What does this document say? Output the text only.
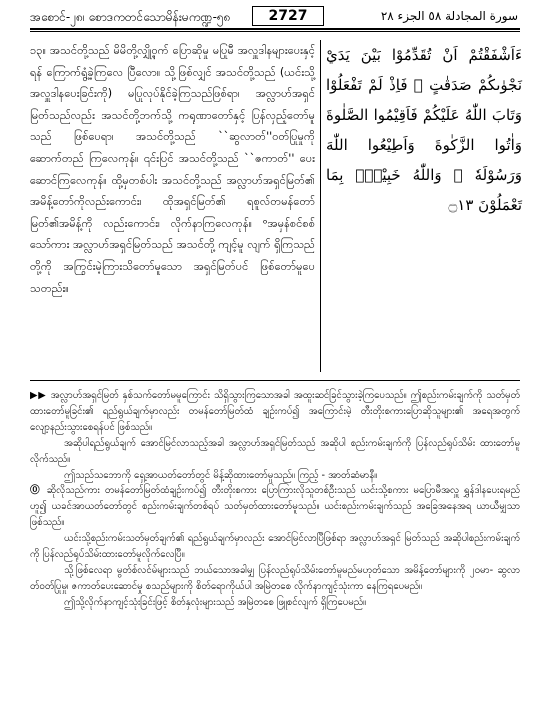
အစောင်-၂၈၊ စောဒကတင်သောမိန်းမကဏ္ဍ-၅၈	2727	سورة المجادلة ٥٨ الجزء ٢٨

၁၃။ အသင်တို့သည် မိမိတို့လျှို့ဝှက် ပြောဆိုမှု မပြုမီ အလှူဒါနများပေးနှင့်ရန် ကြောက်ရွံ့ခဲ့ကြလေ ပြီလော။ သို့ဖြစ်လျှင် အသင်တို့သည် (ယင်းသို့ အလှူဒါနပေးခြင်းကို) မပြုလုပ်နိုင်ခဲ့ကြသည်ဖြစ်ရာ၊ အလ္လာဟ်အရှင်မြတ်သည်လည်း အသင်တို့ဘက်သို့ ကရုဏာတော်နှင့် ပြန်လှည့်တော်မူသည် ဖြစ်ပေရာ၊ အသင်တို့သည် ``ဆွလာတ်''ဝတ်ပြုမှုကို ဆောက်တည် ကြလေကုန်။ ၎င်းပြင် အသင်တို့သည် ``ဇကာတ်'' ပေးဆောင်ကြလေကုန်။ ထို့မှတစ်ပါး အသင်တို့သည် အလ္လာဟ်အရှင်မြတ်၏ အမိန့်တော်ကိုလည်းကောင်း၊ ထိုအရှင်မြတ်၏ ရစူလ်တမန်တော်မြတ်၏အမိန့်ကို လည်းကောင်း၊ လိုက်နာကြလေကုန်။ ᵒအမှန်စင်စစ် သော်ကား အလ္လာဟ်အရှင်မြတ်သည် အသင်တို့ ကျင့်မူ လျက် ရှိကြသည်တို့ကို အကြွင်းမဲ့ကြားသိတော်မူသော အရှင်မြတ်ပင် ဖြစ်တော်မူပေသတည်း။

ءَاَشْفَقْتُمْ اَنْ تُقَدِّمُوْا بَيْنَ يَدَيْ نَجْوٰىكُمْ صَدَقٰتٍ ۚ فَاِذْ لَمْ تَفْعَلُوْا وَتَابَ اللّٰهُ عَلَيْكُمْ فَاَقِيْمُوا الصَّلٰوةَ وَاٰتُوا الزَّكٰوةَ وَاَطِيْعُوا اللّٰهَ وَرَسُوْلَهٗ ۚ وَاللّٰهُ خَبِيْرٌۢ بِمَا تَعْمَلُوْنَ ۝١٣

▶▶ အလ္လာဟ်အရှင်မြတ် နှစ်သက်တော်မမူကြောင်း သိရှိသွားကြသောအခါ အထူးဆင်ခြင်သွားခဲ့ကြပေသည်။ ဤစည်းကမ်းချက်ကို သတ်မှတ်ထားတော်မူခြင်း၏ ရည်ရွယ်ချက်မှာလည်း တမန်တော်မြတ်ထံ ချဉ်းကပ်၍ အကြောင်းမဲ့ တီးတိုးစကားပြောဆိုသူများ၏ အရေအတွက် လျော့နည်းသွားစေရန်ပင် ဖြစ်သည်။

အဆိုပါရည်ရွယ်ချက် အောင်မြင်လာသည့်အခါ အလ္လာဟ်အရှင်မြတ်သည် အဆိုပါ စည်းကမ်းချက်ကို ပြန်လည်ရုပ်သိမ်း ထားတော်မူလိုက်သည်။

ဤသည်သဘောကို ရှေ့အာယတ်တော်တွင် မိန့်ဆိုထားတော်မူသည်။ ကြည့် - အာတ်ဆံမာနီ။

⓪ ဆိုလိုသည်ကား တမန်တော်မြတ်ထံချဉ်းကပ်၍ တီးတိုးစကား ပြောကြားလိုသူတစ်ဦးသည် ယင်းသို့စကား မပြောမီအလှူ ရွှန်ဒါနပေးရမည်ဟူ၍ ယခင်အာယတ်တော်တွင် စည်းကမ်းချက်တစ်ရပ် သတ်မှတ်ထားတော်မူသည်။ ယင်းစည်းကမ်းချက်သည် အခြေအနေအရ ယာယီမျှသာဖြစ်သည်။

ယင်းသို့စည်းကမ်းသတ်မှတ်ချက်၏ ရည်ရွယ်ချက်မှာလည်း အောင်မြင်လာပြီဖြစ်ရာ အလ္လာဟ်အရှင် မြတ်သည် အဆိုပါစည်းကမ်းချက်ကို ပြန်လည်ရုပ်သိမ်းထားတော်မူလိုက်လေပြီ။

သို့ဖြစ်လေရာ မွတ်စ်လင်မ်များသည် ဘယ်သောအခါမျှ ပြန်လည်ရုပ်သိမ်းတော်မူမည်မဟုတ်သော အမိန့်တော်များကို ၂ဝမာ- ဆွလာတ်ဝတ်ပြုမှု၊ ဇကာတ်ပေးဆောင်မှု စသည်များကို စိတ်ရောကိုယ်ပါ အမြဲတစေ လိုက်နာကျင့်သုံးကာ နေကြရပေမည်။

ဤသို့လိုက်နာကျင့်သုံးခြင်းဖြင့် စိတ်နှလုံးများသည် အမြဲတစေ ဖြူစင်လျက် ရှိကြပေမည်။
